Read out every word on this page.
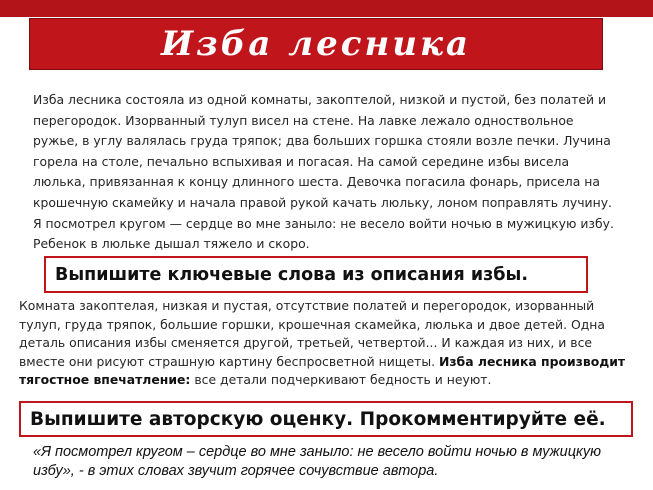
Изба лесника

Изба лесника состояла из одной комнаты, закоптелой, низкой и пустой, без полатей и перегородок. Изорванный тулуп висел на стене. На лавке лежало одноствольное ружье, в углу валялась груда тряпок; два больших горшка стояли возле печки. Лучина горела на столе, печально вспыхивая и погасая. На самой середине избы висела люлька, привязанная к концу длинного шеста. Девочка погасила фонарь, присела на крошечную скамейку и начала правой рукой качать люльку, лоном поправлять лучину. Я посмотрел кругом — сердце во мне заныло: не весело войти ночью в мужицкую избу. Ребенок в люльке дышал тяжело и скоро.

Выпишите ключевые слова из описания избы.

Комната закоптелая, низкая и пустая, отсутствие полатей и перегородок, изорванный тулуп, груда тряпок, большие горшки, крошечная скамейка, люлька и двое детей. Одна деталь описания избы сменяется другой, третьей, четвертой... И каждая из них, и все вместе они рисуют страшную картину беспросветной нищеты. Изба лесника производит тягостное впечатление: все детали подчеркивают бедность и неуют.

Выпишите авторскую оценку. Прокомментируйте её.

«Я посмотрел кругом – сердце во мне заныло: не весело войти ночью в мужицкую избу», - в этих словах звучит горячее сочувствие автора.
